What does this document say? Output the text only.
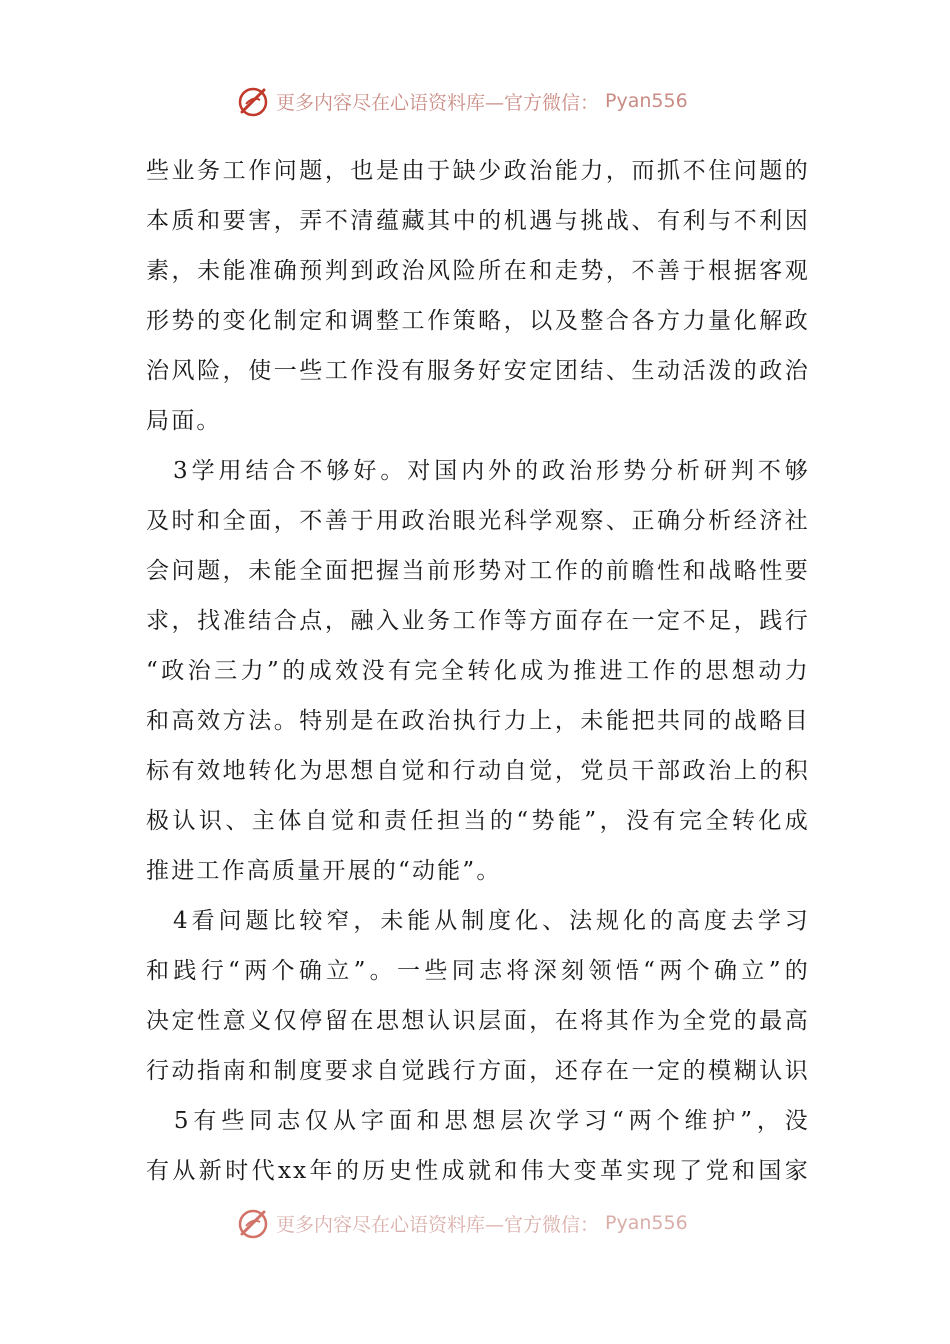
更多内容尽在心语资料库—官方微信： Pyan556
些业务工作问题，也是由于缺少政治能力，而抓不住问题的
本质和要害，弄不清蕴藏其中的机遇与挑战、有利与不利因
素，未能准确预判到政治风险所在和走势，不善于根据客观
形势的变化制定和调整工作策略，以及整合各方力量化解政
治风险，使一些工作没有服务好安定团结、生动活泼的政治
局面。
　3学用结合不够好。对国内外的政治形势分析研判不够
及时和全面，不善于用政治眼光科学观察、正确分析经济社
会问题，未能全面把握当前形势对工作的前瞻性和战略性要
求，找准结合点，融入业务工作等方面存在一定不足，践行
“政治三力”的成效没有完全转化成为推进工作的思想动力
和高效方法。特别是在政治执行力上，未能把共同的战略目
标有效地转化为思想自觉和行动自觉，党员干部政治上的积
极认识、主体自觉和责任担当的“势能”，没有完全转化成
推进工作高质量开展的“动能”。
　4看问题比较窄，未能从制度化、法规化的高度去学习
和践行“两个确立”。一些同志将深刻领悟“两个确立”的
决定性意义仅停留在思想认识层面，在将其作为全党的最高
行动指南和制度要求自觉践行方面，还存在一定的模糊认识
　5有些同志仅从字面和思想层次学习“两个维护”，没
有从新时代xx年的历史性成就和伟大变革实现了党和国家
更多内容尽在心语资料库—官方微信： Pyan556
